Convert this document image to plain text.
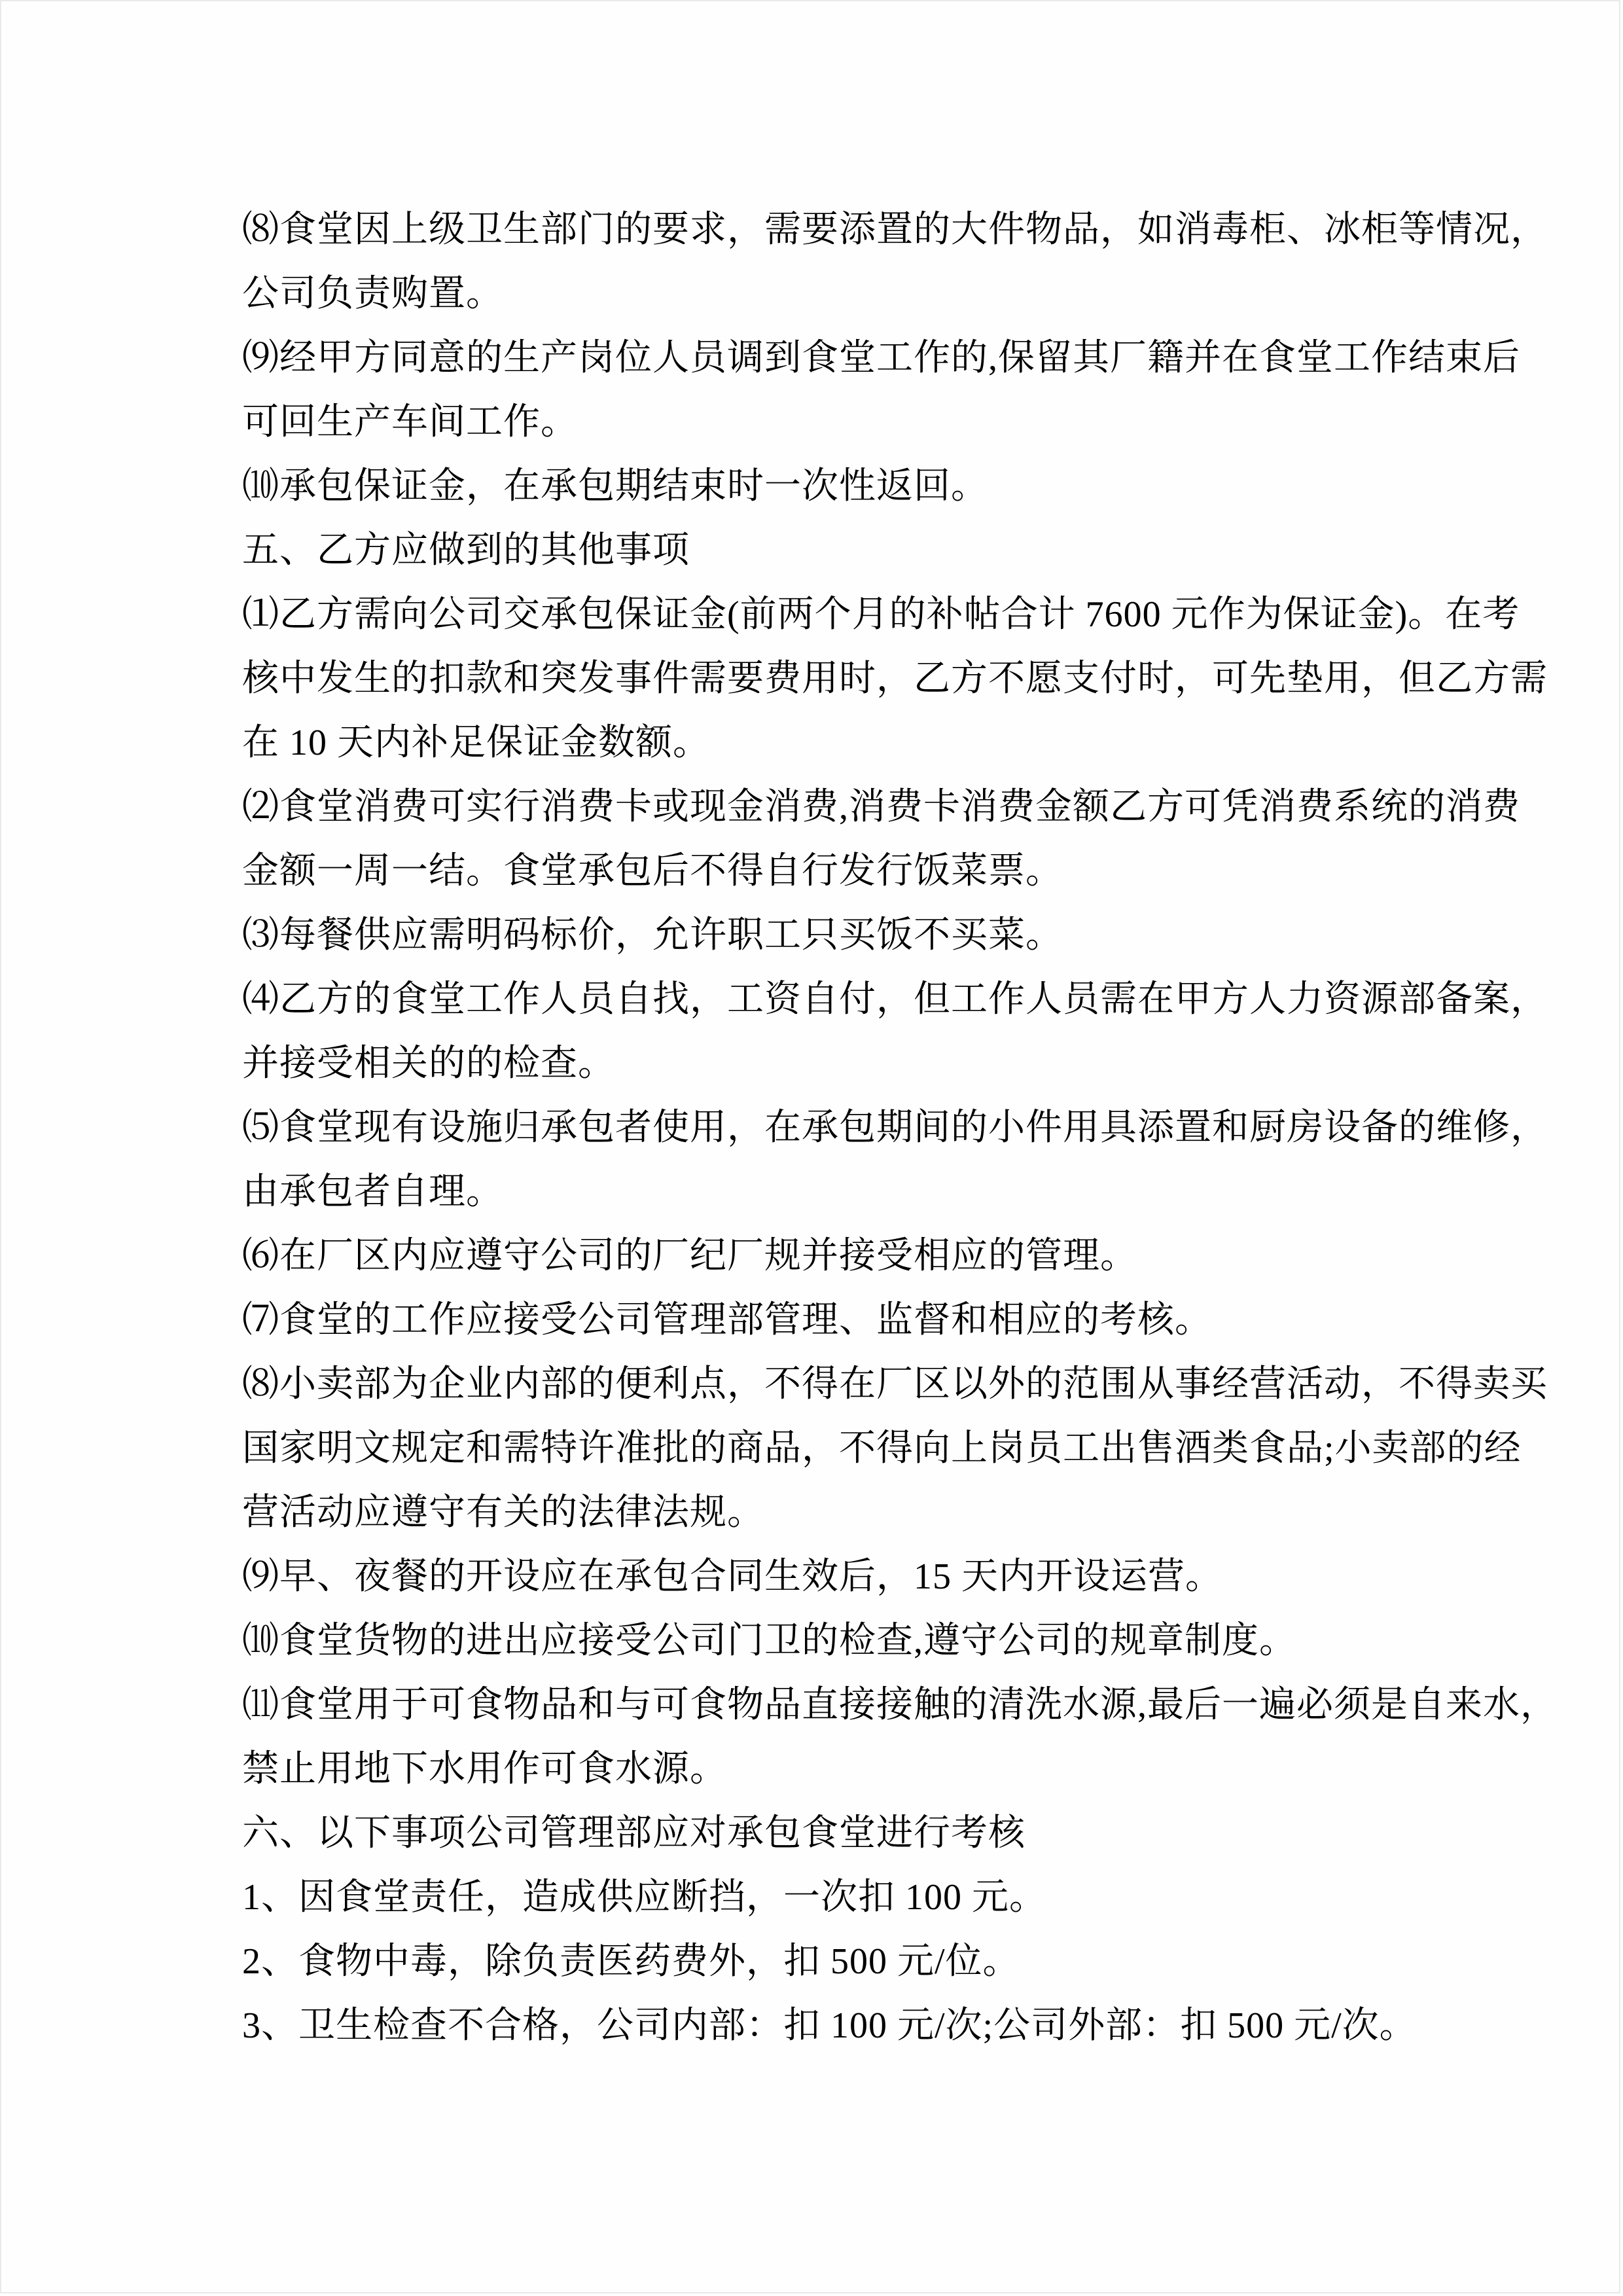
⑻食堂因上级卫生部门的要求，需要添置的大件物品，如消毒柜、冰柜等情况，
公司负责购置。
⑼经甲方同意的生产岗位人员调到食堂工作的,保留其厂籍并在食堂工作结束后
可回生产车间工作。
⑽承包保证金，在承包期结束时一次性返回。
五、乙方应做到的其他事项
⑴乙方需向公司交承包保证金(前两个月的补帖合计 7600 元作为保证金)。在考
核中发生的扣款和突发事件需要费用时，乙方不愿支付时，可先垫用，但乙方需
在 10 天内补足保证金数额。
⑵食堂消费可实行消费卡或现金消费,消费卡消费金额乙方可凭消费系统的消费
金额一周一结。食堂承包后不得自行发行饭菜票。
⑶每餐供应需明码标价，允许职工只买饭不买菜。
⑷乙方的食堂工作人员自找，工资自付，但工作人员需在甲方人力资源部备案，
并接受相关的的检查。
⑸食堂现有设施归承包者使用，在承包期间的小件用具添置和厨房设备的维修，
由承包者自理。
⑹在厂区内应遵守公司的厂纪厂规并接受相应的管理。
⑺食堂的工作应接受公司管理部管理、监督和相应的考核。
⑻小卖部为企业内部的便利点，不得在厂区以外的范围从事经营活动，不得卖买
国家明文规定和需特许准批的商品，不得向上岗员工出售酒类食品;小卖部的经
营活动应遵守有关的法律法规。
⑼早、夜餐的开设应在承包合同生效后，15 天内开设运营。
⑽食堂货物的进出应接受公司门卫的检查,遵守公司的规章制度。
⑾食堂用于可食物品和与可食物品直接接触的清洗水源,最后一遍必须是自来水，
禁止用地下水用作可食水源。
六、以下事项公司管理部应对承包食堂进行考核
1、因食堂责任，造成供应断挡，一次扣 100 元。
2、食物中毒，除负责医药费外，扣 500 元/位。
3、卫生检查不合格，公司内部：扣 100 元/次;公司外部：扣 500 元/次。
